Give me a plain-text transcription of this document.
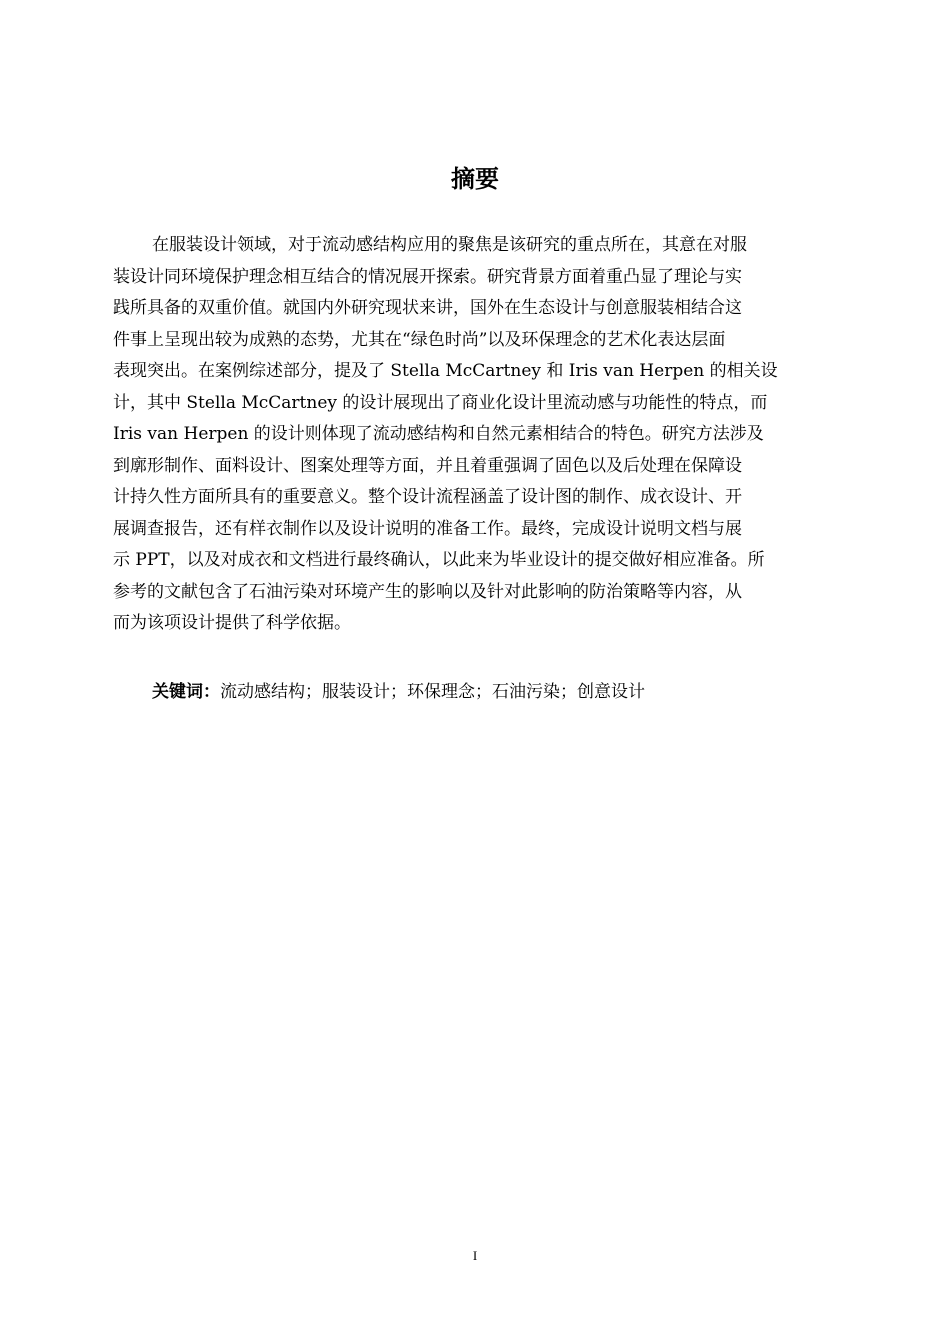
摘要
在服装设计领域，对于流动感结构应用的聚焦是该研究的重点所在，其意在对服
装设计同环境保护理念相互结合的情况展开探索。研究背景方面着重凸显了理论与实
践所具备的双重价值。就国内外研究现状来讲，国外在生态设计与创意服装相结合这
件事上呈现出较为成熟的态势，尤其在“绿色时尚”以及环保理念的艺术化表达层面
表现突出。在案例综述部分，提及了 Stella McCartney 和 Iris van Herpen 的相关设
计，其中 Stella McCartney 的设计展现出了商业化设计里流动感与功能性的特点，而
Iris van Herpen 的设计则体现了流动感结构和自然元素相结合的特色。研究方法涉及
到廓形制作、面料设计、图案处理等方面，并且着重强调了固色以及后处理在保障设
计持久性方面所具有的重要意义。整个设计流程涵盖了设计图的制作、成衣设计、开
展调查报告，还有样衣制作以及设计说明的准备工作。最终，完成设计说明文档与展
示 PPT，以及对成衣和文档进行最终确认，以此来为毕业设计的提交做好相应准备。所
参考的文献包含了石油污染对环境产生的影响以及针对此影响的防治策略等内容，从
而为该项设计提供了科学依据。

关键词：流动感结构；服装设计；环保理念；石油污染；创意设计

I
